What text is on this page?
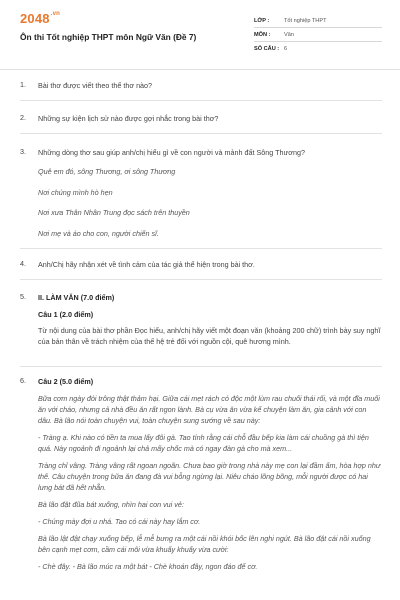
$2048^{.vn}$
Ôn thi Tốt nghiệp THPT môn Ngữ Văn (Đề 7)
LỚP :	Tốt nghiệp THPT
MÔN :	Văn
SỐ CÂU : 6
1. Bài thơ được viết theo thể thơ nào?
2. Những sự kiện lịch sử nào được gợi nhắc trong bài thơ?
3. Những dòng thơ sau giúp anh/chị hiểu gì về con người và mảnh đất Sông Thương?
Quê em đó, sông Thương, ơi sông Thương
Nơi chúng mình hò hẹn
Nơi xưa Thân Nhân Trung đọc sách trên thuyền
Nơi mẹ và áo cho con, người chiến sĩ.
4. Anh/Chị hãy nhận xét về tình cảm của tác giả thể hiện trong bài thơ.
5. II. LÀM VĂN (7.0 điểm)
Câu 1 (2.0 điểm)
Từ nội dung của bài thơ phần Đọc hiểu, anh/chị hãy viết một đoạn văn (khoảng 200 chữ) trình bày suy nghĩ của bản thân về trách nhiệm của thế hệ trẻ đối với nguồn cội, quê hương mình.
6. Câu 2 (5.0 điểm)
Bữa cơm ngày đói trông thật thảm hại. Giữa cái mẹt rách có độc một lùm rau chuối thái rối, và một đĩa muối ăn với cháo, nhưng cả nhà đều ăn rất ngon lành. Bà cụ vừa ăn vừa kể chuyện làm ăn, gia cảnh với con dâu. Bà lão nói toàn chuyện vui, toàn chuyện sung sướng về sau này:
- Tràng ạ. Khi nào có tiền ta mua lấy đôi gà. Tao tính rằng cái chỗ đầu bếp kia làm cái chuồng gà thì tiện quá. Này ngoảnh đi ngoảnh lại chả mấy chốc mà có ngay đàn gà cho mà xem...
Tràng chỉ vâng. Tràng vâng rất ngoan ngoãn. Chưa bao giờ trong nhà này mẹ con lại đầm ấm, hòa hợp như thế. Câu chuyện trong bữa ăn đang đà vui bỗng ngừng lại. Niêu cháo lõng bõng, mỗi người được có hai lưng bát đã hết nhẵn.
Bà lão đặt đũa bát xuống, nhìn hai con vui vẻ:
- Chúng mày đợi u nhá. Tao có cái này hay lắm cơ.
Bà lão lật đật chạy xuống bếp, lễ mễ bưng ra một cái nồi khói bốc lên nghi ngút. Bà lão đặt cái nồi xuống bên cạnh mẹt cơm, cầm cái môi vừa khuấy khuấy vừa cười:
- Chè đây. - Bà lão múc ra một bát - Chè khoán đây, ngon đáo để cơ.
